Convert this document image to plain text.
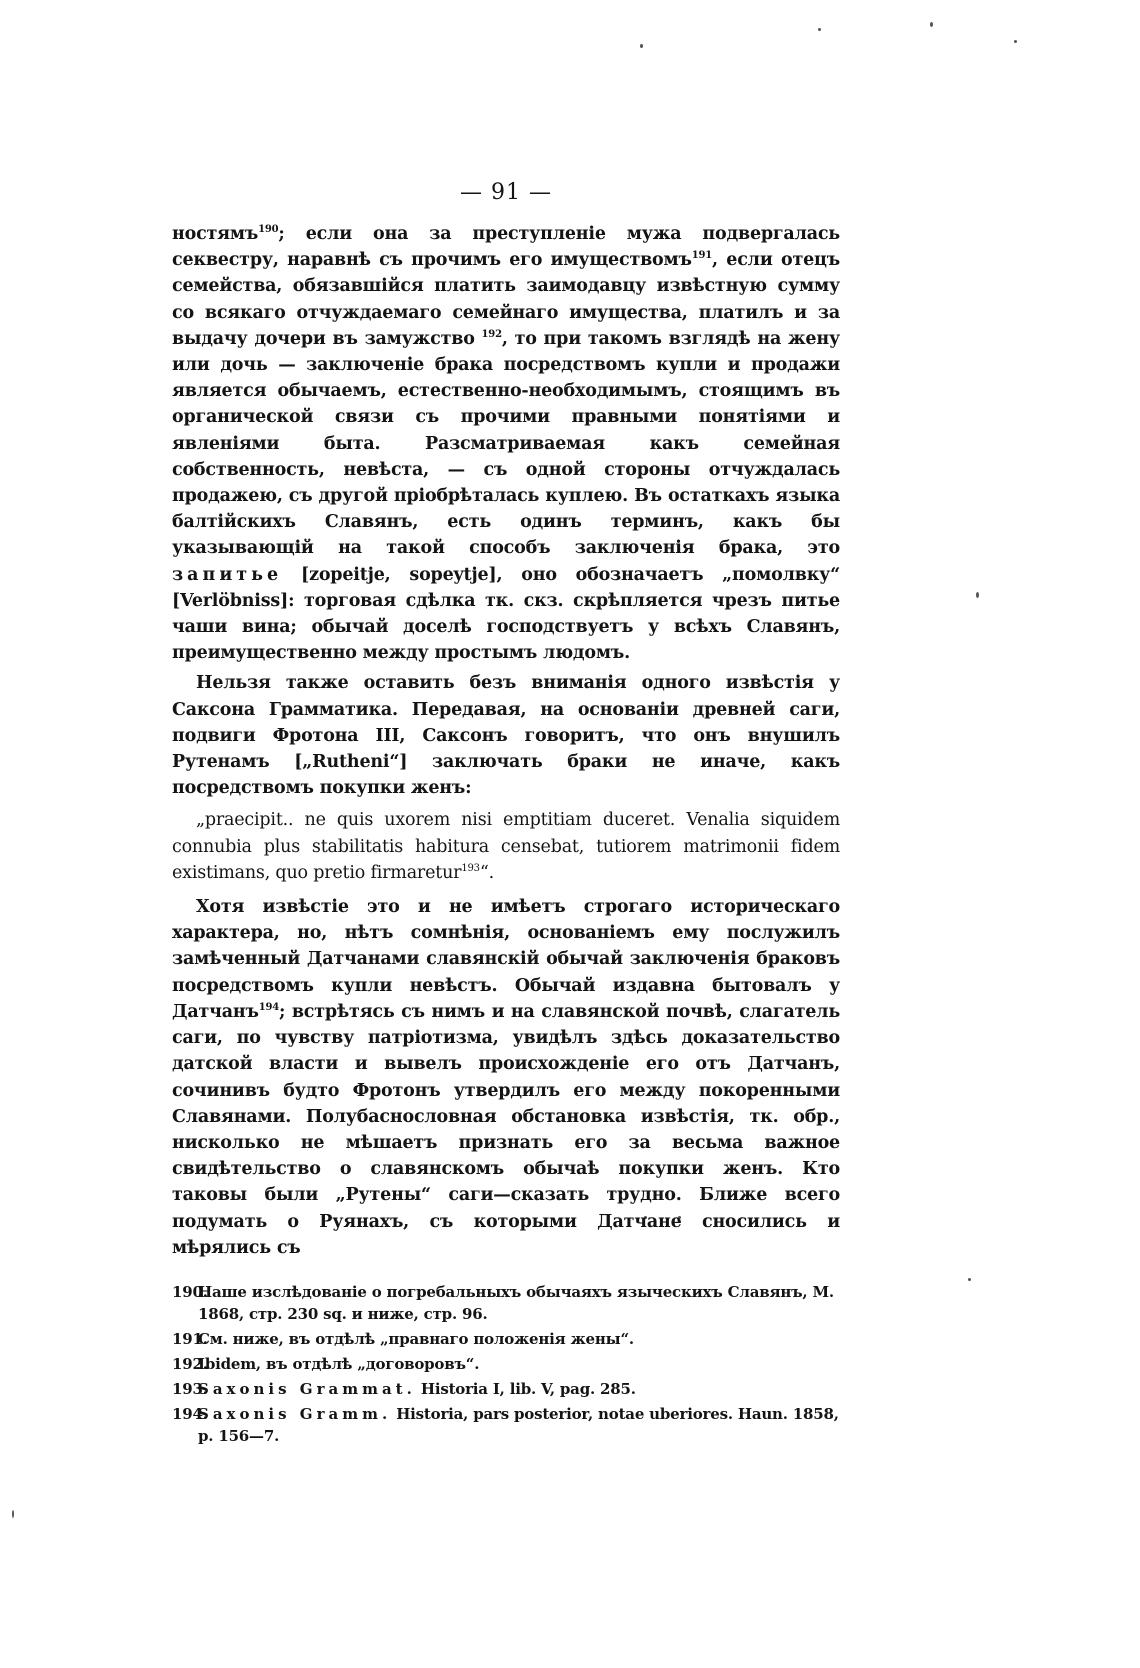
— 91 —

ностямъ$^{190}$; если она за преступленіе мужа подвергалась секвестру, наравнѣ съ прочимъ его имуществомъ$^{191}$, если отецъ семейства, обязавшійся платить заимодавцу извѣстную сумму со всякаго отчуждаемаго семейнаго имущества, платилъ и за выдачу дочери въ замужство $^{192}$, то при такомъ взглядѣ на жену или дочь — заключеніе брака посредствомъ купли и продажи является обычаемъ, естественно-необходимымъ, стоящимъ въ органической связи съ прочими правными понятіями и явленіями быта. Разсматриваемая какъ семейная собственность, невѣста, — съ одной стороны отчуждалась продажею, съ другой пріобрѣталась куплею. Въ остаткахъ языка балтійскихъ Славянъ, есть одинъ терминъ, какъ бы указывающій на такой способъ заключенія брака, это запитье [zopeitje, sopeytje], оно обозначаетъ „помолвку“ [Verlöbniss]: торговая сдѣлка тк. скз. скрѣпляется чрезъ питье чаши вина; обычай доселѣ господствуетъ у всѣхъ Славянъ, преимущественно между простымъ людомъ.

Нельзя также оставить безъ вниманія одного извѣстія у Саксона Грамматика. Передавая, на основаніи древней саги, подвиги Фротона III, Саксонъ говоритъ, что онъ внушилъ Рутенамъ [„Rutheni“] заключать браки не иначе, какъ посредствомъ покупки женъ:

„praecipit.. ne quis uxorem nisi emptitiam duceret. Venalia siquidem connubia plus stabilitatis habitura censebat, tutiorem matrimonii fidem existimans, quo pretio firmaretur$^{193}$“.

Хотя извѣстіе это и не имѣетъ строгаго историческаго характера, но, нѣтъ сомнѣнія, основаніемъ ему послужилъ замѣченный Датчанами славянскій обычай заключенія браковъ посредствомъ купли невѣстъ. Обычай издавна бытовалъ у Датчанъ$^{194}$; встрѣтясь съ нимъ и на славянской почвѣ, слагатель саги, по чувству патріотизма, увидѣлъ здѣсь доказательство датской власти и вывелъ происхожденіе его отъ Датчанъ, сочинивъ будто Фротонъ утвердилъ его между покоренными Славянами. Полубаснословная обстановка извѣстія, тк. обр., нисколько не мѣшаетъ признать его за весьма важное свидѣтельство о славянскомъ обычаѣ покупки женъ. Кто таковы были „Рутены“ саги—сказать трудно. Ближе всего подумать о Руянахъ, съ которыми Датчане сносились и мѣрялись съ

190.Наше изслѣдованіе о погребальныхъ обычаяхъ языческихъ Славянъ, М. 1868, стр. 230 sq. и ниже, стр. 96.
191.См. ниже, въ отдѣлѣ „правнаго положенія жены“.
192.Ibidem, въ отдѣлѣ „договоровъ“.
193.Saxonis Grammat. Historia I, lib. V, pag. 285.
194.Saxonis Gramm. Historia, pars posterior, notae uberiores. Haun. 1858, p. 156—7.
